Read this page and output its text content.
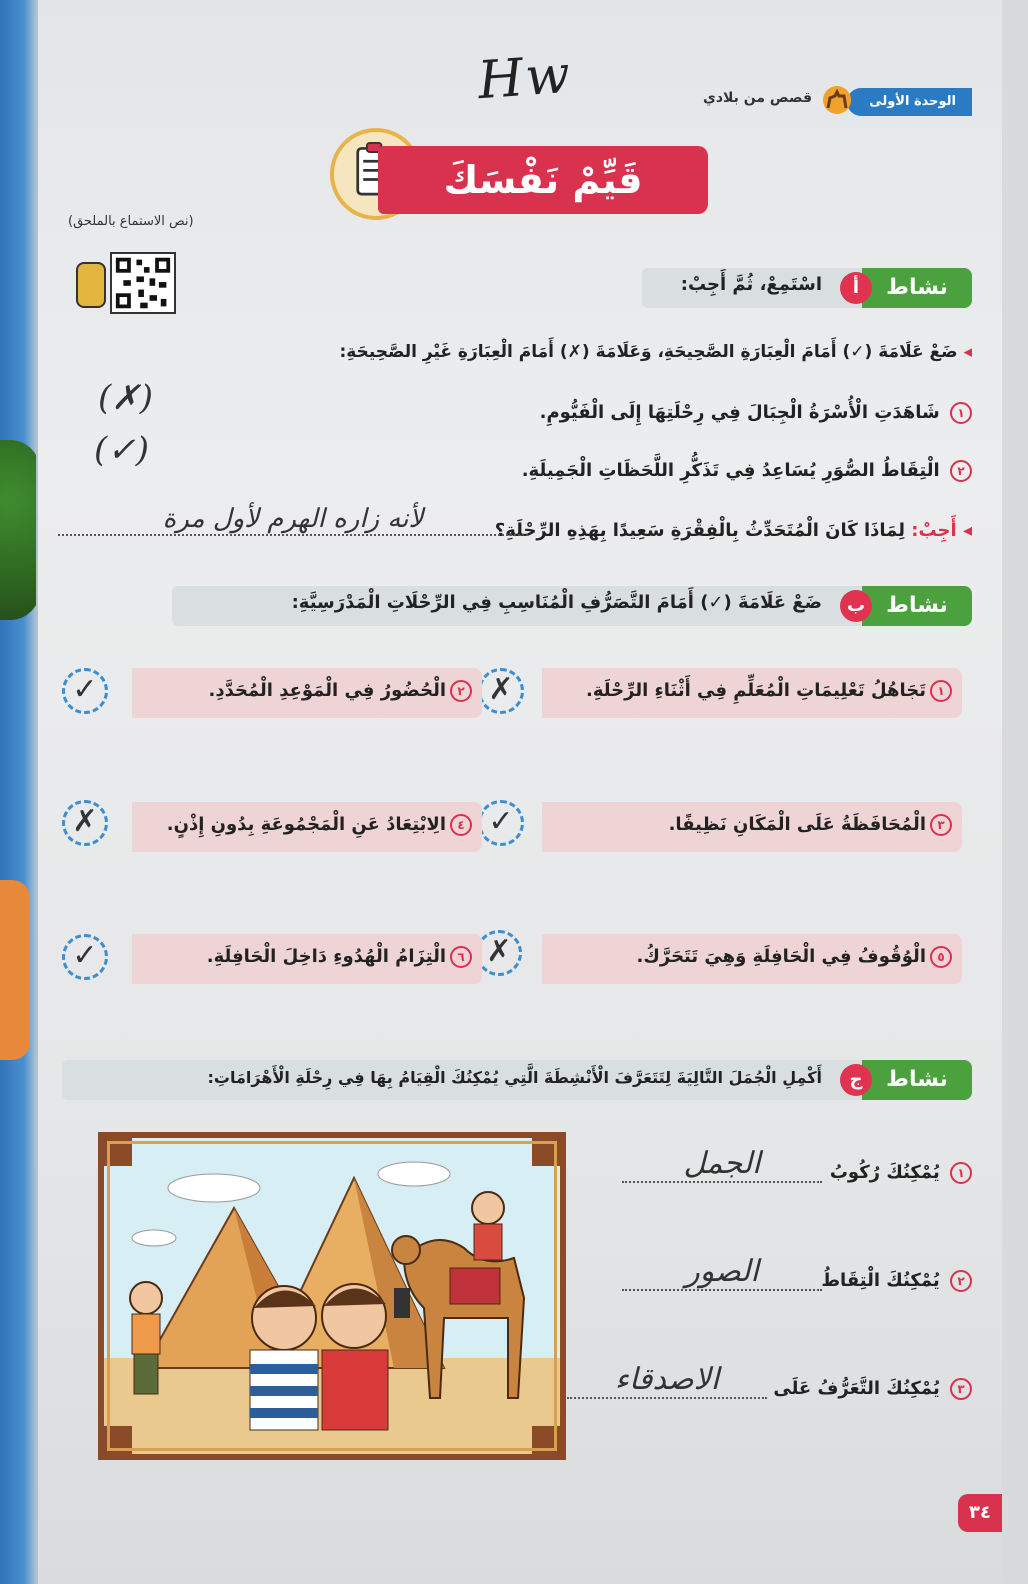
الوحدة الأولى
قصص من بلادي
Hw
قَيِّمْ نَفْسَكَ
(نص الاستماع بالملحق)
نشاط
أ
اسْتَمِعْ، ثُمَّ أَجِبْ:
◂ ضَعْ عَلَامَةَ (✓) أَمَامَ الْعِبَارَةِ الصَّحِيحَةِ، وَعَلَامَةَ (✗) أَمَامَ الْعِبَارَةِ غَيْرِ الصَّحِيحَةِ:
١ شَاهَدَتِ الْأُسْرَةُ الْجِبَالَ فِي رِحْلَتِهَا إِلَى الْفَيُّومِ.
(✗)
٢ الْتِقَاطُ الصُّوَرِ يُسَاعِدُ فِي تَذَكُّرِ اللَّحَظَاتِ الْجَمِيلَةِ.
(✓)
◂ أَجِبْ: لِمَاذَا كَانَ الْمُتَحَدِّثُ بِالْفِقْرَةِ سَعِيدًا بِهَذِهِ الرِّحْلَةِ؟
لأنه زاره الهرم لأول مرة
نشاط
ب
ضَعْ عَلَامَةَ (✓) أَمَامَ التَّصَرُّفِ الْمُنَاسِبِ فِي الرِّحْلَاتِ الْمَدْرَسِيَّةِ:
١تَجَاهُلُ تَعْلِيمَاتِ الْمُعَلِّمِ فِي أَثْنَاءِ الرِّحْلَةِ.
✗
٢الْحُضُورُ فِي الْمَوْعِدِ الْمُحَدَّدِ.
✓
٣الْمُحَافَظَةُ عَلَى الْمَكَانِ نَظِيفًا.
✓
٤الِابْتِعَادُ عَنِ الْمَجْمُوعَةِ بِدُونِ إِذْنٍ.
✗
٥الْوُقُوفُ فِي الْحَافِلَةِ وَهِيَ تَتَحَرَّكُ.
✗
٦الْتِزَامُ الْهُدُوءِ دَاخِلَ الْحَافِلَةِ.
✓
نشاط
ج
أَكْمِلِ الْجُمَلَ التَّالِيَةَ لِتَتَعَرَّفَ الْأَنْشِطَةَ الَّتِي يُمْكِنُكَ الْقِيَامُ بِهَا فِي رِحْلَةِ الْأَهْرَامَاتِ:
١ يُمْكِنُكَ رُكُوبُ
الجمل
٢ يُمْكِنُكَ الْتِقَاطُ
الصور
٣ يُمْكِنُكَ التَّعَرُّفُ عَلَى
الاصدقاء
٣٤
